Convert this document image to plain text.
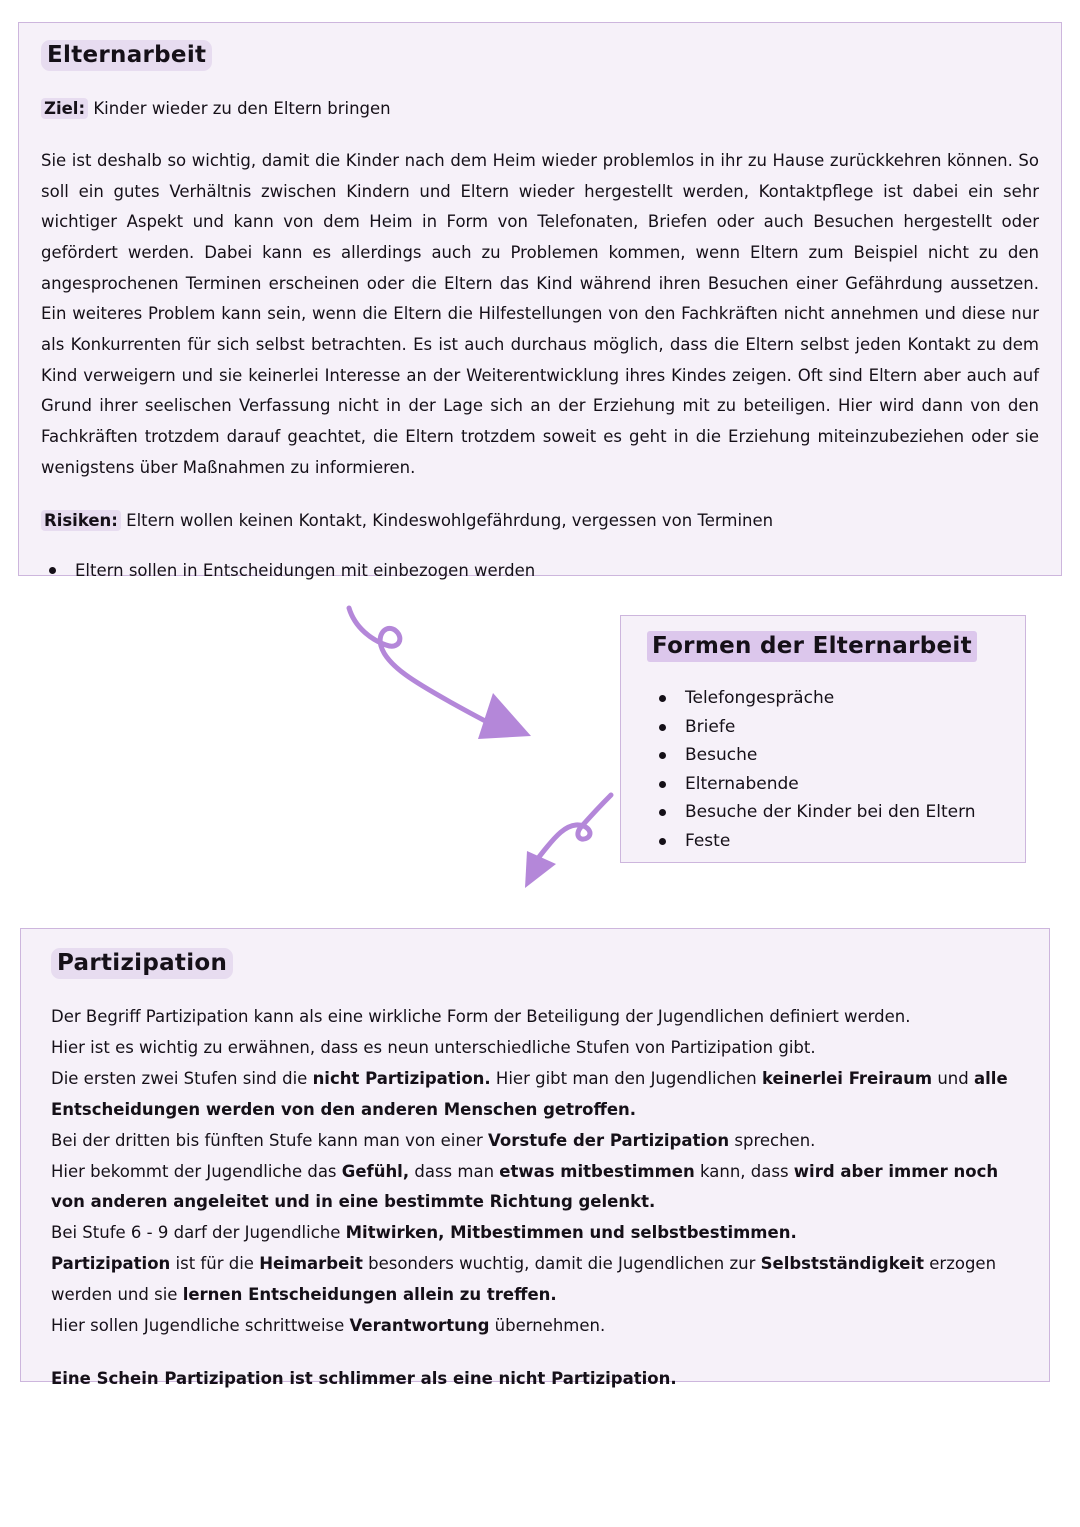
Elternarbeit

Ziel: Kinder wieder zu den Eltern bringen

Sie ist deshalb so wichtig, damit die Kinder nach dem Heim wieder problemlos in ihr zu Hause zurückkehren können. So soll ein gutes Verhältnis zwischen Kindern und Eltern wieder hergestellt werden, Kontaktpflege ist dabei ein sehr wichtiger Aspekt und kann von dem Heim in Form von Telefonaten, Briefen oder auch Besuchen hergestellt oder gefördert werden. Dabei kann es allerdings auch zu Problemen kommen, wenn Eltern zum Beispiel nicht zu den angesprochenen Terminen erscheinen oder die Eltern das Kind während ihren Besuchen einer Gefährdung aussetzen. Ein weiteres Problem kann sein, wenn die Eltern die Hilfestellungen von den Fachkräften nicht annehmen und diese nur als Konkurrenten für sich selbst betrachten. Es ist auch durchaus möglich, dass die Eltern selbst jeden Kontakt zu dem Kind verweigern und sie keinerlei Interesse an der Weiterentwicklung ihres Kindes zeigen. Oft sind Eltern aber auch auf Grund ihrer seelischen Verfassung nicht in der Lage sich an der Erziehung mit zu beteiligen. Hier wird dann von den Fachkräften trotzdem darauf geachtet, die Eltern trotzdem soweit es geht in die Erziehung miteinzubeziehen oder sie wenigstens über Maßnahmen zu informieren.

Risiken: Eltern wollen keinen Kontakt, Kindeswohlgefährdung, vergessen von Terminen

Eltern sollen in Entscheidungen mit einbezogen werden
Formen der Elternarbeit
Telefongespräche
Briefe
Besuche
Elternabende
Besuche der Kinder bei den Eltern
Feste
Partizipation

Der Begriff Partizipation kann als eine wirkliche Form der Beteiligung der Jugendlichen definiert werden.

Hier ist es wichtig zu erwähnen, dass es neun unterschiedliche Stufen von Partizipation gibt.

Die ersten zwei Stufen sind die nicht Partizipation. Hier gibt man den Jugendlichen keinerlei Freiraum und alle Entscheidungen werden von den anderen Menschen getroffen.

Bei der dritten bis fünften Stufe kann man von einer Vorstufe der Partizipation sprechen.

Hier bekommt der Jugendliche das Gefühl, dass man etwas mitbestimmen kann, dass wird aber immer noch von anderen angeleitet und in eine bestimmte Richtung gelenkt.

Bei Stufe 6 - 9 darf der Jugendliche Mitwirken, Mitbestimmen und selbstbestimmen.

Partizipation ist für die Heimarbeit besonders wuchtig, damit die Jugendlichen zur Selbstständigkeit erzogen werden und sie lernen Entscheidungen allein zu treffen.

Hier sollen Jugendliche schrittweise Verantwortung übernehmen.

Eine Schein Partizipation ist schlimmer als eine nicht Partizipation.
